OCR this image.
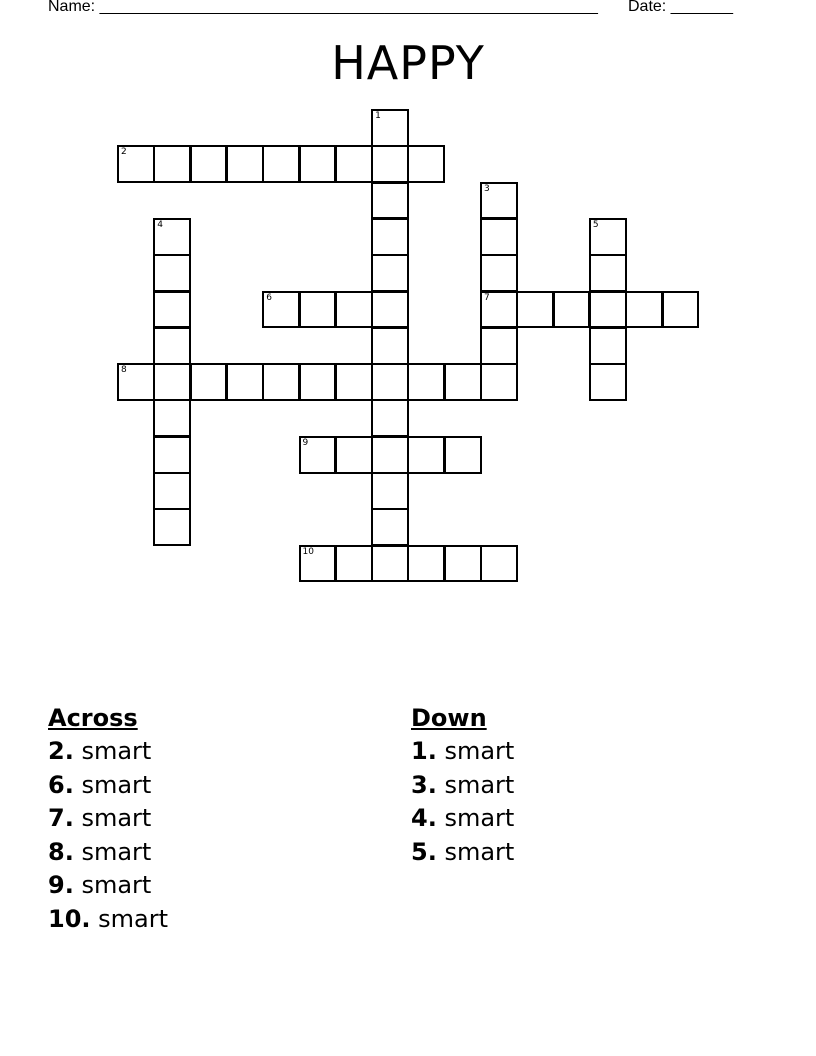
Name: ________________________________________________________ Date: _______
HAPPY
1
2
3
7
4	5
6
8
9
10
Across
2. smart
6. smart
7. smart
8. smart
9. smart
10. smart
Down
1. smart
3. smart
4. smart
5. smart
